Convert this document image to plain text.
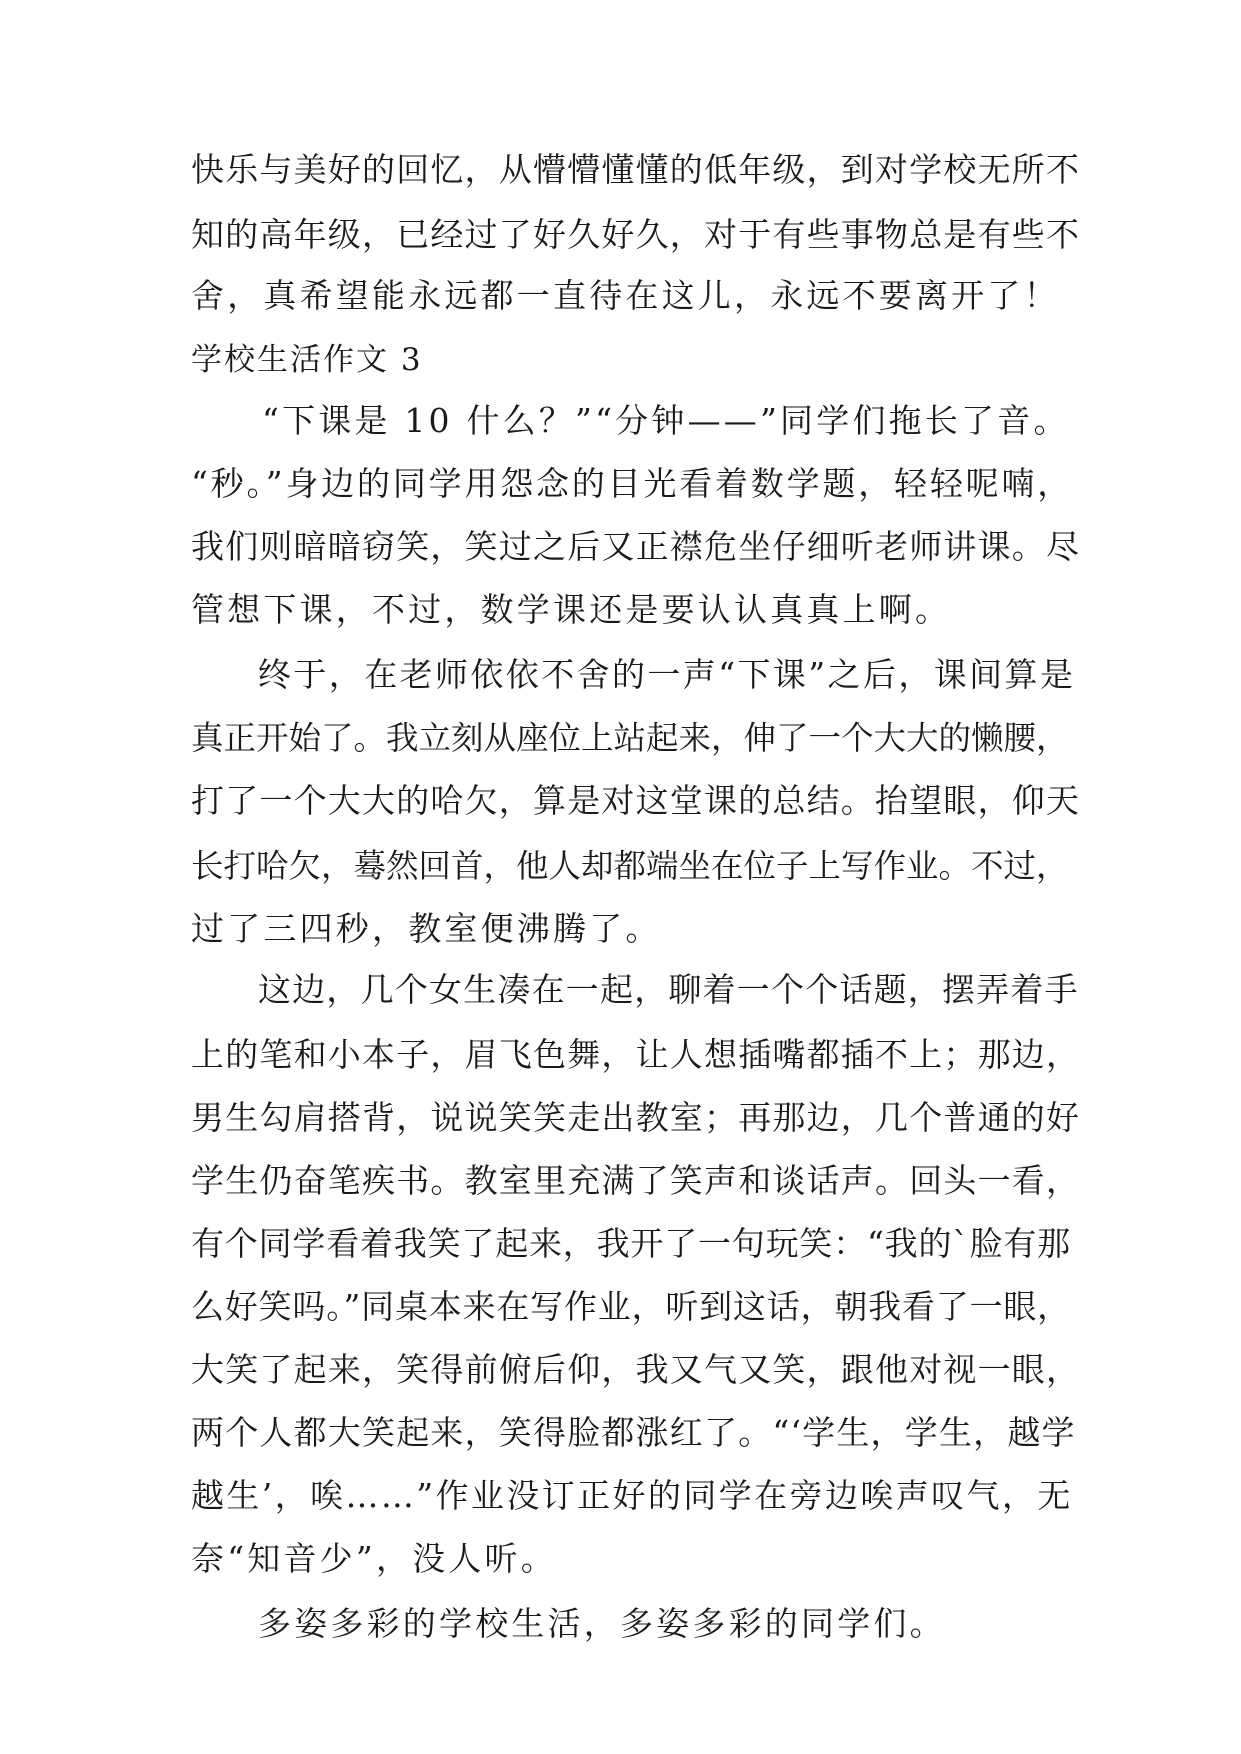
快乐与美好的回忆，从懵懵懂懂的低年级，到对学校无所不
知的高年级，已经过了好久好久，对于有些事物总是有些不
舍，真希望能永远都一直待在这儿，永远不要离开了！
学校生活作文 3
“下课是 10 什么？”“分钟——”同学们拖长了音。
“秒。”身边的同学用怨念的目光看着数学题，轻轻呢喃，
我们则暗暗窃笑，笑过之后又正襟危坐仔细听老师讲课。尽
管想下课，不过，数学课还是要认认真真上啊。
终于，在老师依依不舍的一声“下课”之后，课间算是
真正开始了。我立刻从座位上站起来，伸了一个大大的懒腰，
打了一个大大的哈欠，算是对这堂课的总结。抬望眼，仰天
长打哈欠，蓦然回首，他人却都端坐在位子上写作业。不过，
过了三四秒，教室便沸腾了。
这边，几个女生凑在一起，聊着一个个话题，摆弄着手
上的笔和小本子，眉飞色舞，让人想插嘴都插不上；那边，
男生勾肩搭背，说说笑笑走出教室；再那边，几个普通的好
学生仍奋笔疾书。教室里充满了笑声和谈话声。回头一看，
有个同学看着我笑了起来，我开了一句玩笑：“我的`脸有那
么好笑吗。”同桌本来在写作业，听到这话，朝我看了一眼，
大笑了起来，笑得前俯后仰，我又气又笑，跟他对视一眼，
两个人都大笑起来，笑得脸都涨红了。“‘学生，学生，越学
越生’，唉……”作业没订正好的同学在旁边唉声叹气，无
奈“知音少”，没人听。
多姿多彩的学校生活，多姿多彩的同学们。
